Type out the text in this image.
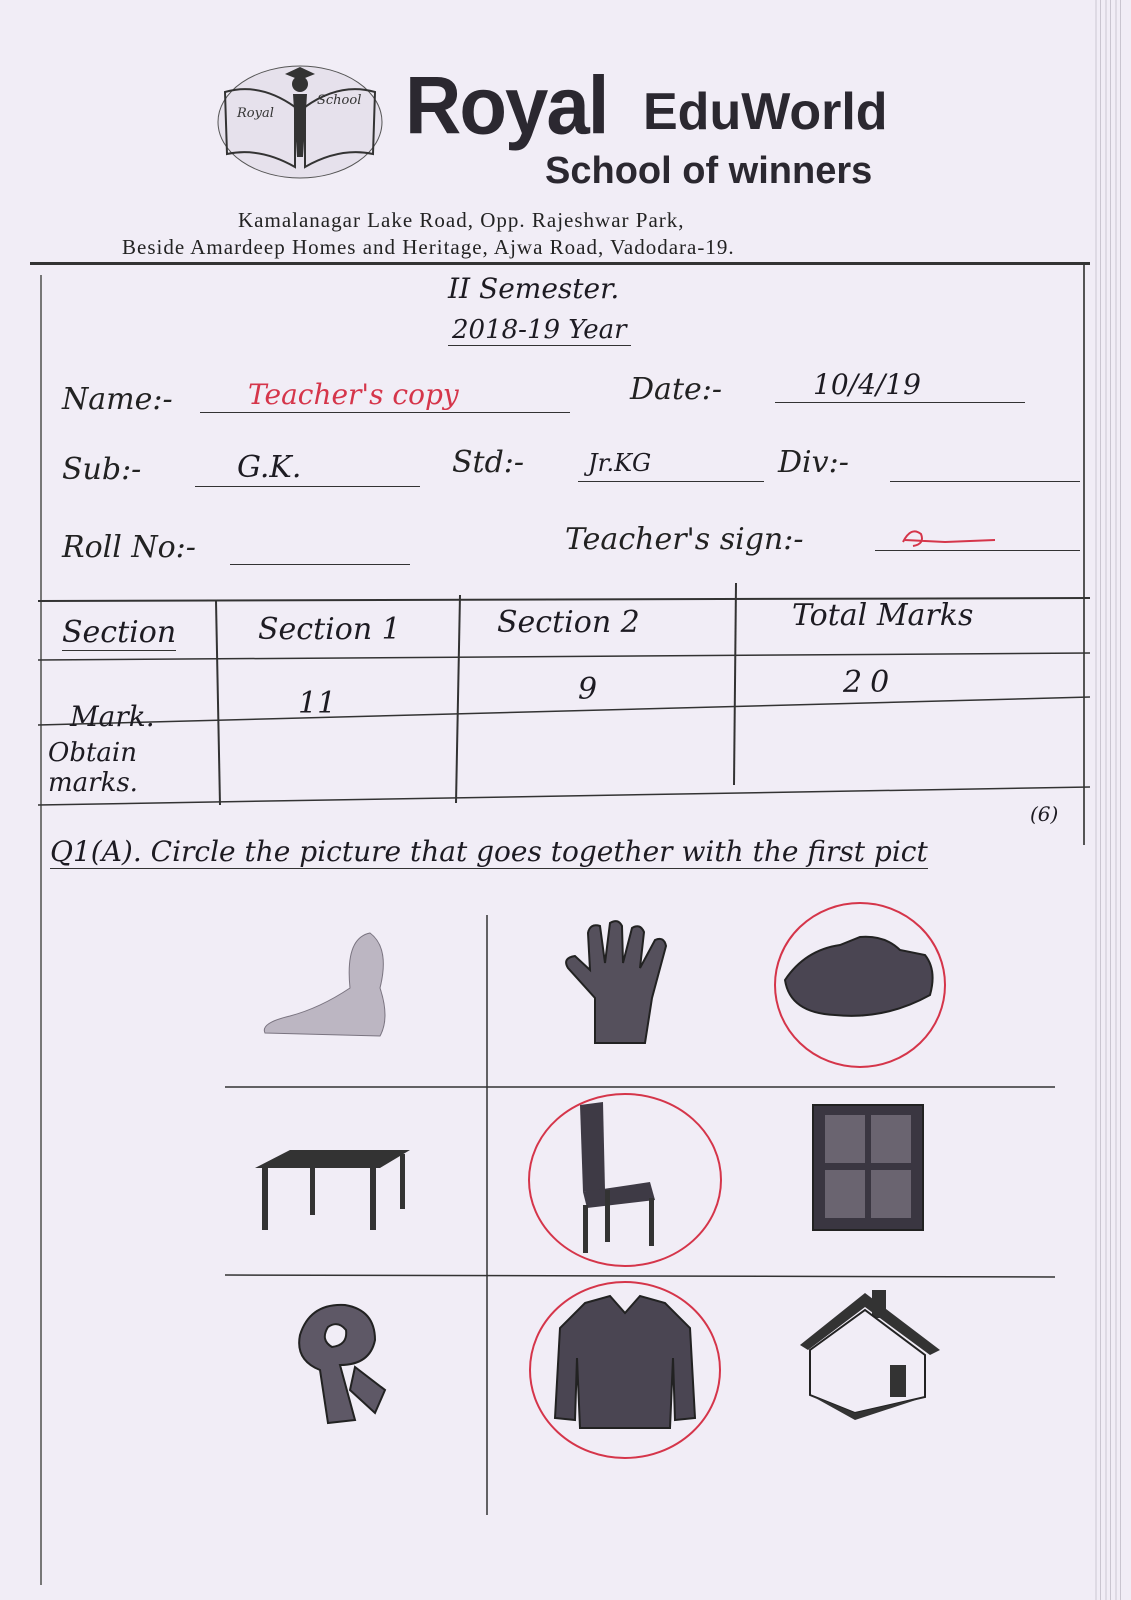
Royal
School Royal EduWorld
School of winners
Kamalanagar Lake Road, Opp. Rajeshwar Park,
Beside Amardeep Homes and Heritage, Ajwa Road, Vadodara-19.
II Semester.
2018-19 Year
Name:-	Teacher's copy	Date:-	10/4/19
Sub:-	G.K.	Std:-	Jr.KG	Div:-
Roll No:-	Teacher's sign:-
Section	Section 1	Section 2	Total Marks
Mark.	11	9	20
Obtain marks.
Q1(A). Circle the picture that goes together with the first pict
(6)
